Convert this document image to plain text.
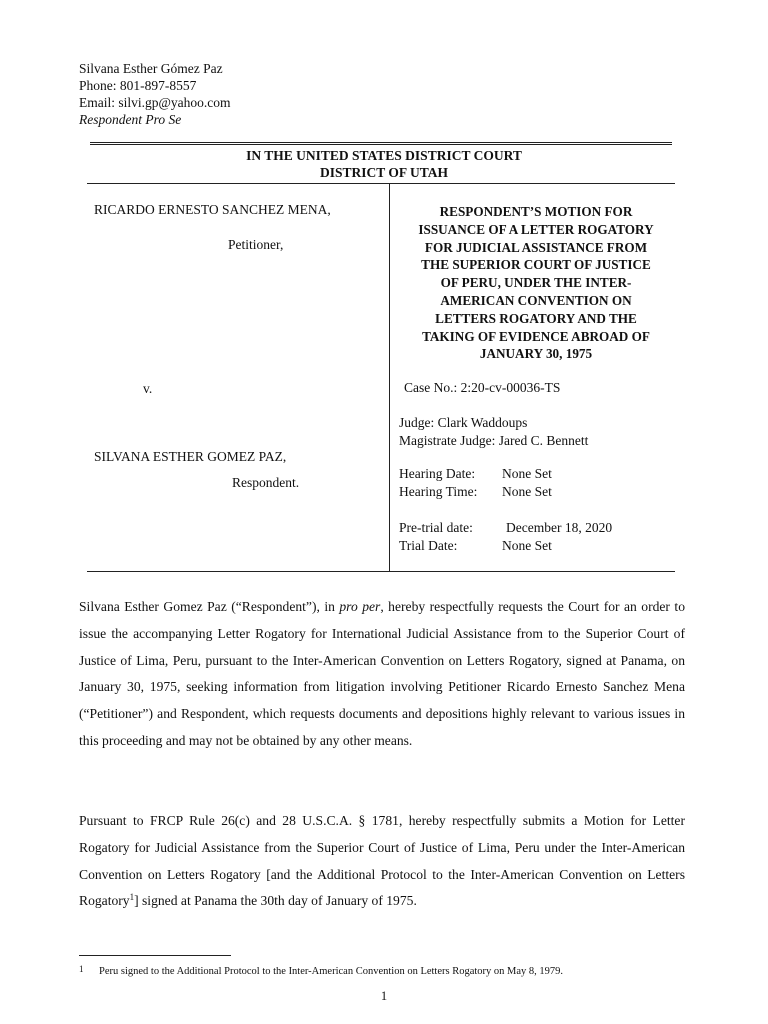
Silvana Esther Gómez Paz
Phone: 801-897-8557
Email: silvi.gp@yahoo.com
Respondent Pro Se
IN THE UNITED STATES DISTRICT COURT
DISTRICT OF UTAH
RICARDO ERNESTO SANCHEZ MENA,
Petitioner,
v.
SILVANA ESTHER GOMEZ PAZ,
Respondent.
RESPONDENT’S MOTION FOR
ISSUANCE OF A LETTER ROGATORY
FOR JUDICIAL ASSISTANCE FROM
THE SUPERIOR COURT OF JUSTICE
OF PERU, UNDER THE INTER-
AMERICAN CONVENTION ON
LETTERS ROGATORY AND THE
TAKING OF EVIDENCE ABROAD OF
JANUARY 30, 1975
Case No.: 2:20-cv-00036-TS
Judge: Clark Waddoups
Magistrate Judge: Jared C. Bennett
Hearing Date: None Set
Hearing Time: None Set
Pre-trial date: December 18, 2020
Trial Date:	None Set
Silvana Esther Gomez Paz (“Respondent”), in pro per, hereby respectfully requests the Court for an order to issue the accompanying Letter Rogatory for International Judicial Assistance from to the Superior Court of Justice of Lima, Peru, pursuant to the Inter-American Convention on Letters Rogatory, signed at Panama, on January 30, 1975, seeking information from litigation involving Petitioner Ricardo Ernesto Sanchez Mena (“Petitioner”) and Respondent, which requests documents and depositions highly relevant to various issues in this proceeding and may not be obtained by any other means.
Pursuant to FRCP Rule 26(c) and 28 U.S.C.A. § 1781, hereby respectfully submits a Motion for Letter Rogatory for Judicial Assistance from the Superior Court of Justice of Lima, Peru under the Inter-American Convention on Letters Rogatory [and the Additional Protocol to the Inter-American Convention on Letters Rogatory$^1$] signed at Panama the 30th day of January of 1975.
1 Peru signed to the Additional Protocol to the Inter-American Convention on Letters Rogatory on May 8, 1979.
1
